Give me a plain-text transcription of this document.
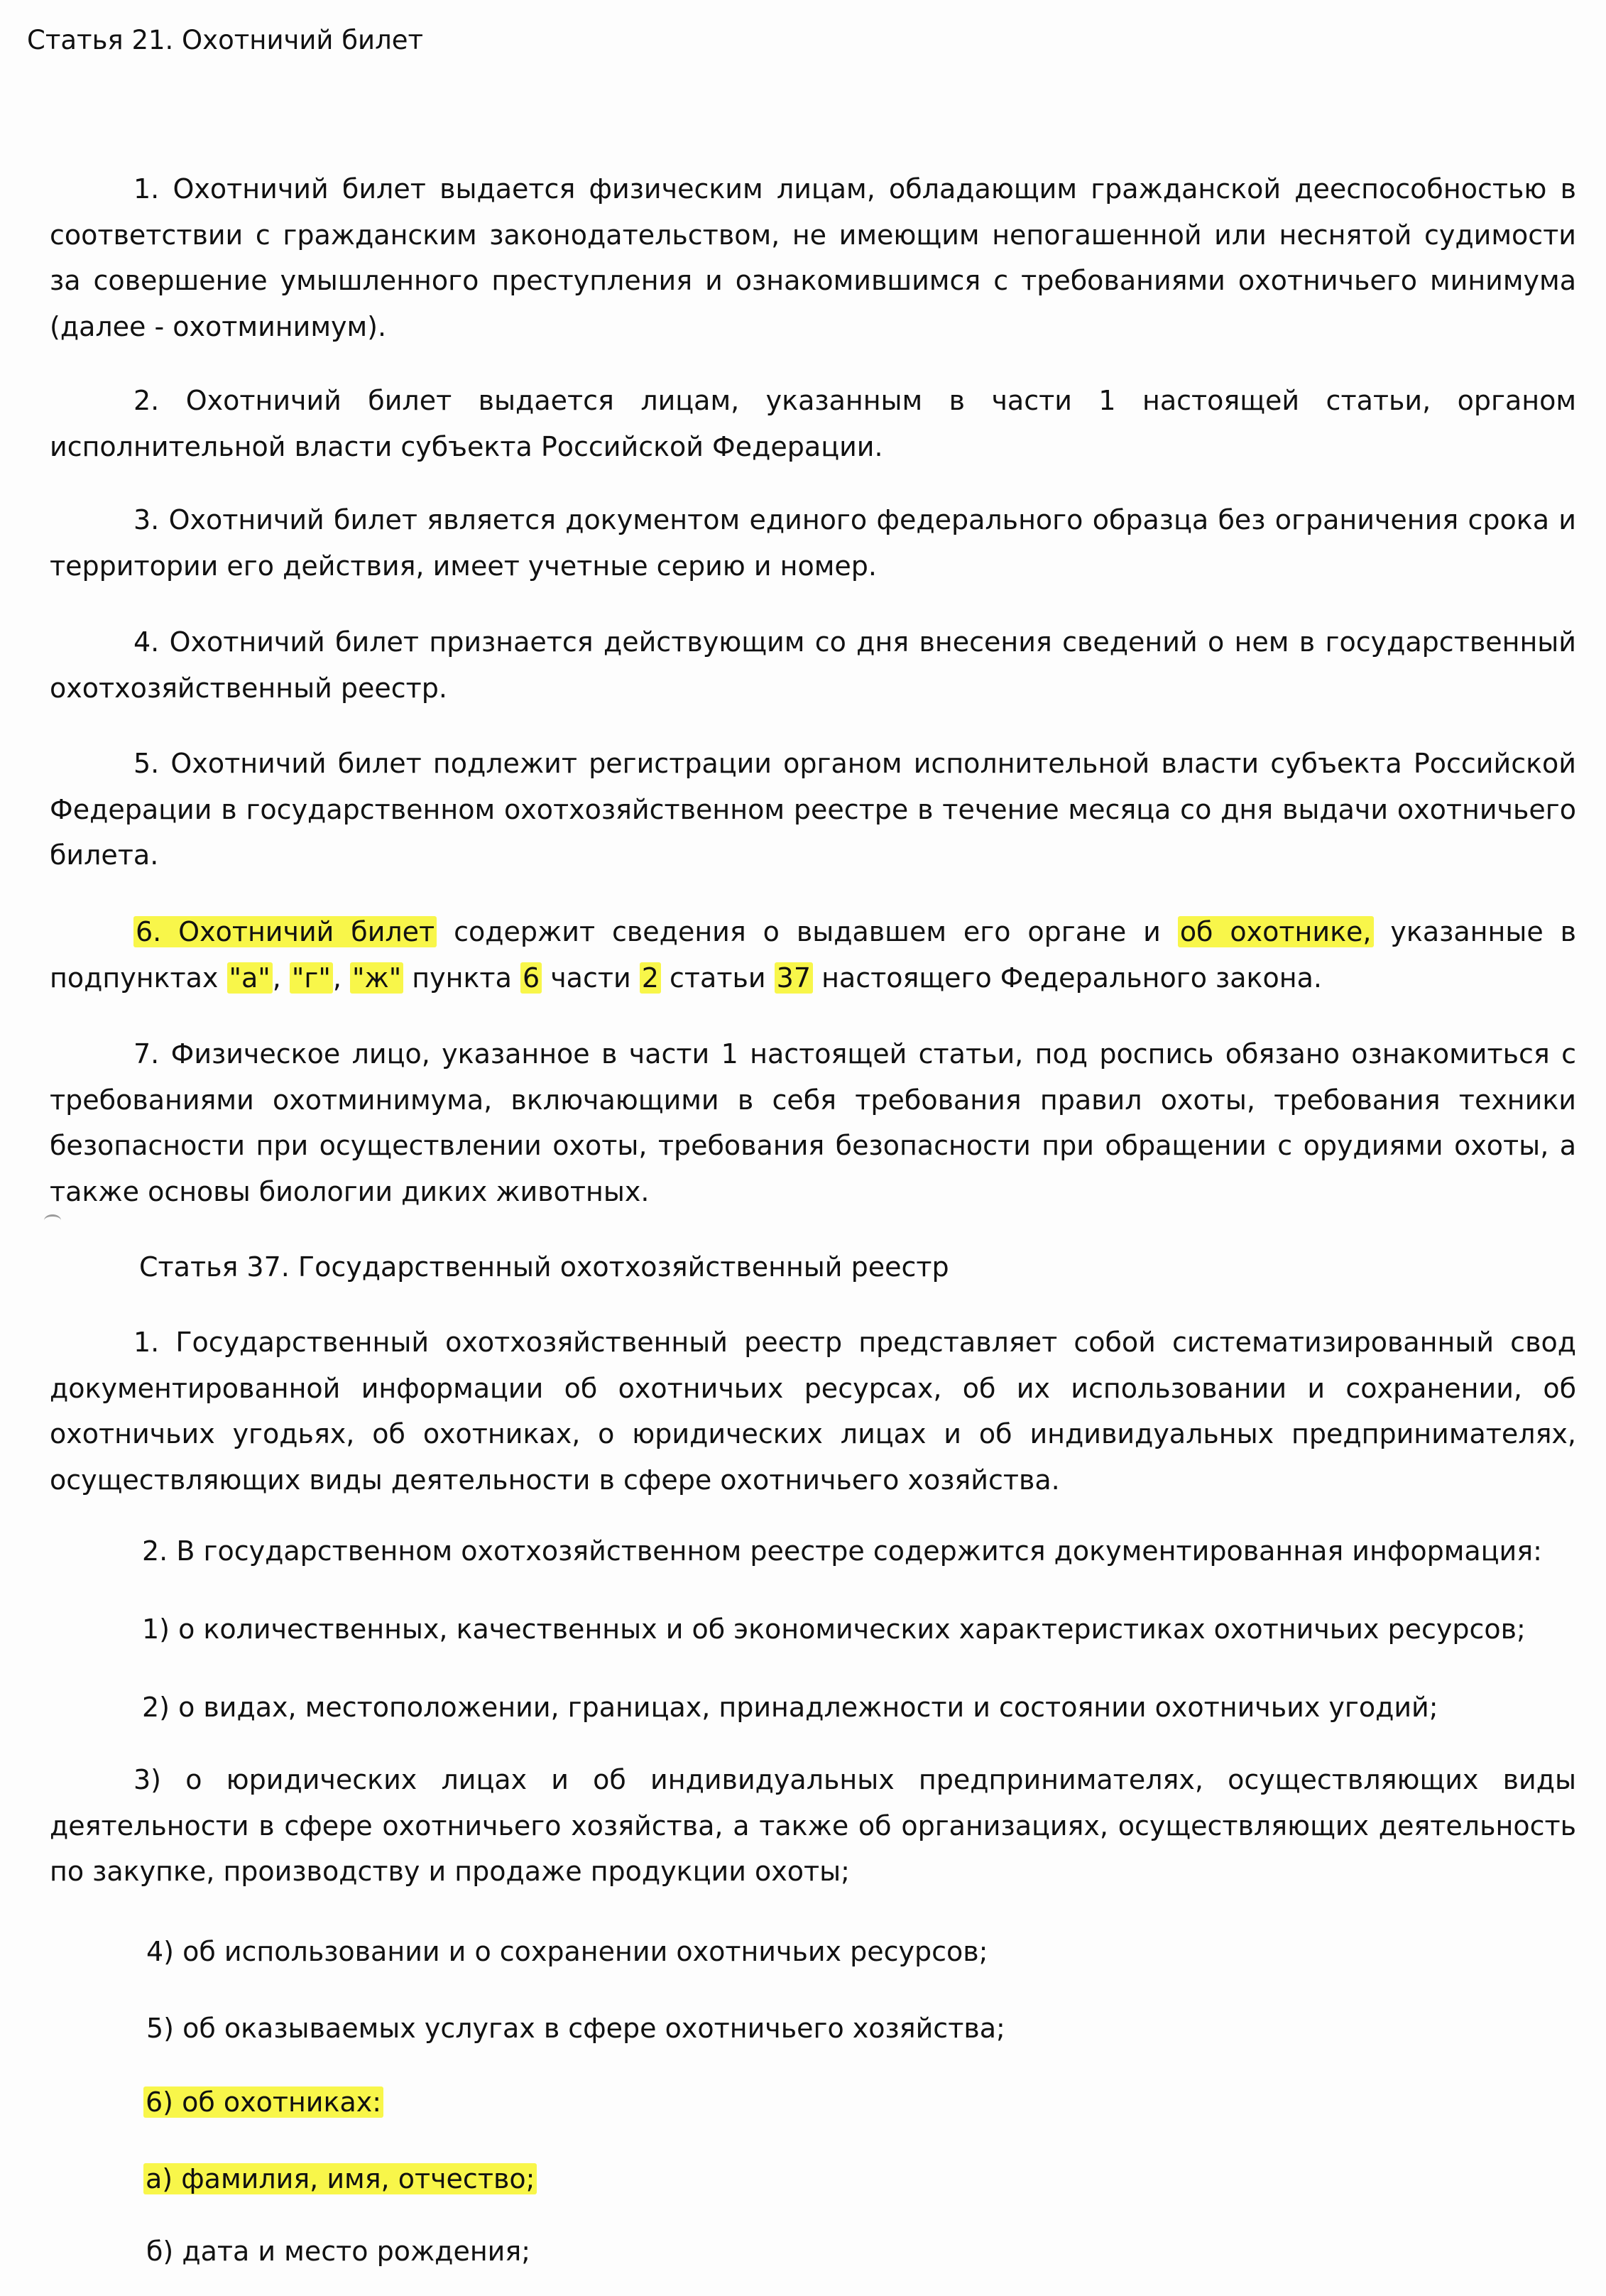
Статья 21. Охотничий билет

1. Охотничий билет выдается физическим лицам, обладающим гражданской дееспособностью в соответствии с гражданским законодательством, не имеющим непогашенной или неснятой судимости за совершение умышленного преступления и ознакомившимся с требованиями охотничьего минимума (далее - охотминимум).

2. Охотничий билет выдается лицам, указанным в части 1 настоящей статьи, органом исполнительной власти субъекта Российской Федерации.

3. Охотничий билет является документом единого федерального образца без ограничения срока и территории его действия, имеет учетные серию и номер.

4. Охотничий билет признается действующим со дня внесения сведений о нем в государственный охотхозяйственный реестр.

5. Охотничий билет подлежит регистрации органом исполнительной власти субъекта Российской Федерации в государственном охотхозяйственном реестре в течение месяца со дня выдачи охотничьего билета.

6. Охотничий билет содержит сведения о выдавшем его органе и об охотнике, указанные в подпунктах "а", "г", "ж" пункта 6 части 2 статьи 37 настоящего Федерального закона.

7. Физическое лицо, указанное в части 1 настоящей статьи, под роспись обязано ознакомиться с требованиями охотминимума, включающими в себя требования правил охоты, требования техники безопасности при осуществлении охоты, требования безопасности при обращении с орудиями охоты, а также основы биологии диких животных.

Статья 37. Государственный охотхозяйственный реестр

1. Государственный охотхозяйственный реестр представляет собой систематизированный свод документированной информации об охотничьих ресурсах, об их использовании и сохранении, об охотничьих угодьях, об охотниках, о юридических лицах и об индивидуальных предпринимателях, осуществляющих виды деятельности в сфере охотничьего хозяйства.

2. В государственном охотхозяйственном реестре содержится документированная информация:

1) о количественных, качественных и об экономических характеристиках охотничьих ресурсов;

2) о видах, местоположении, границах, принадлежности и состоянии охотничьих угодий;

3) о юридических лицах и об индивидуальных предпринимателях, осуществляющих виды деятельности в сфере охотничьего хозяйства, а также об организациях, осуществляющих деятельность по закупке, производству и продаже продукции охоты;

4) об использовании и о сохранении охотничьих ресурсов;

5) об оказываемых услугах в сфере охотничьего хозяйства;

6) об охотниках:

а) фамилия, имя, отчество;

б) дата и место рождения;
